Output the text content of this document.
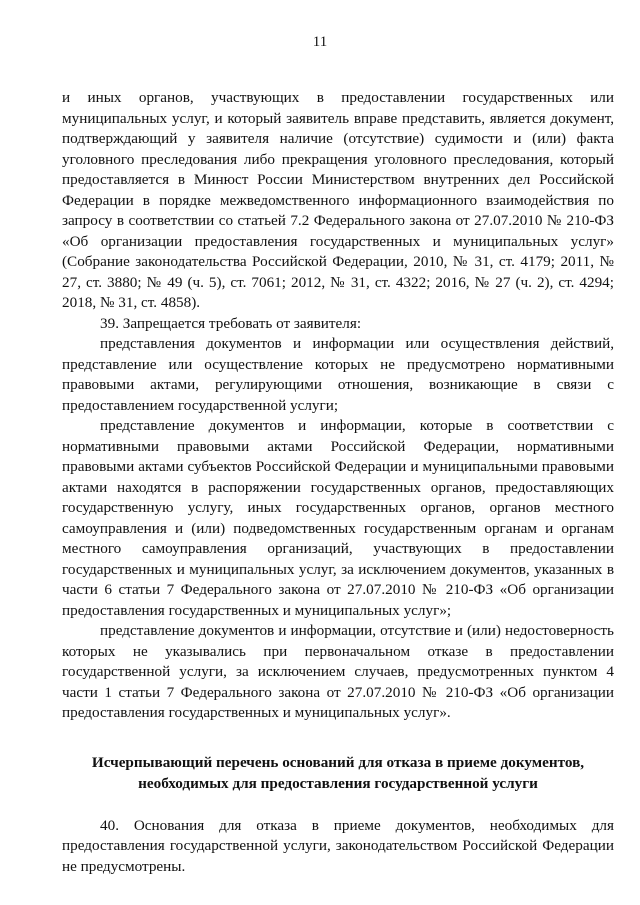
11

и иных органов, участвующих в предоставлении государственных или муниципальных услуг, и который заявитель вправе представить, является документ, подтверждающий у заявителя наличие (отсутствие) судимости и (или) факта уголовного преследования либо прекращения уголовного преследования, который предоставляется в Минюст России Министерством внутренних дел Российской Федерации в порядке межведомственного информационного взаимодействия по запросу в соответствии со статьей 7.2 Федерального закона от 27.07.2010 № 210-ФЗ «Об организации предоставления государственных и муниципальных услуг» (Собрание законодательства Российской Федерации, 2010, № 31, ст. 4179; 2011, № 27, ст. 3880; № 49 (ч. 5), ст. 7061; 2012, № 31, ст. 4322; 2016, № 27 (ч. 2), ст. 4294; 2018, № 31, ст. 4858).

39. Запрещается требовать от заявителя:

представления документов и информации или осуществления действий, представление или осуществление которых не предусмотрено нормативными правовыми актами, регулирующими отношения, возникающие в связи с предоставлением государственной услуги;

представление документов и информации, которые в соответствии с нормативными правовыми актами Российской Федерации, нормативными правовыми актами субъектов Российской Федерации и муниципальными правовыми актами находятся в распоряжении государственных органов, предоставляющих государственную услугу, иных государственных органов, органов местного самоуправления и (или) подведомственных государственным органам и органам местного самоуправления организаций, участвующих в предоставлении государственных и муниципальных услуг, за исключением документов, указанных в части 6 статьи 7 Федерального закона от 27.07.2010 № 210-ФЗ «Об организации предоставления государственных и муниципальных услуг»;

представление документов и информации, отсутствие и (или) недостоверность которых не указывались при первоначальном отказе в предоставлении государственной услуги, за исключением случаев, предусмотренных пунктом 4 части 1 статьи 7 Федерального закона от 27.07.2010 № 210-ФЗ «Об организации предоставления государственных и муниципальных услуг».

Исчерпывающий перечень оснований для отказа в приеме документов,
необходимых для предоставления государственной услуги

40. Основания для отказа в приеме документов, необходимых для предоставления государственной услуги, законодательством Российской Федерации не предусмотрены.
